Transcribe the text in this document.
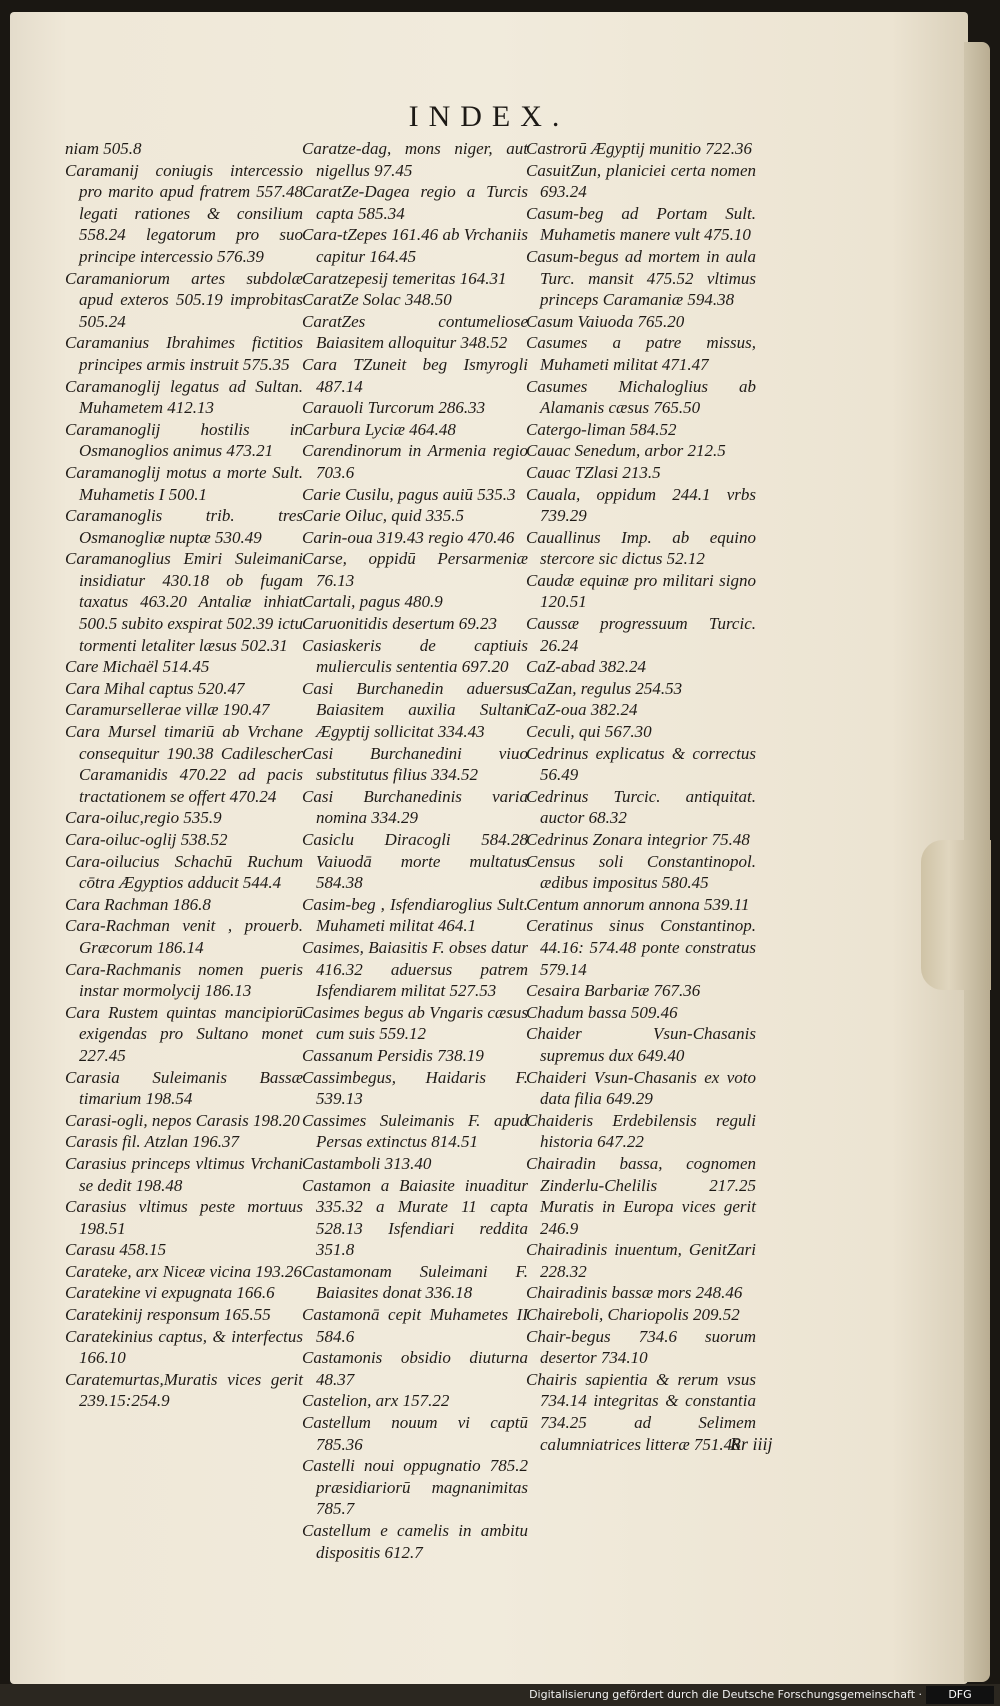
INDEX.

niam 505.8

Caramanij coniugis intercessio pro marito apud fratrem 557.48 legati rationes & consilium 558.24 legatorum pro suo principe intercessio 576.39

Caramaniorum artes subdolæ apud exteros 505.19 improbitas 505.24

Caramanius Ibrahimes fictitios principes armis instruit 575.35

Caramanoglij legatus ad Sultan. Muhametem 412.13

Caramanoglij hostilis in Osmanoglios animus 473.21

Caramanoglij motus a morte Sult. Muhametis I 500.1

Caramanoglis trib. tres Osmanogliæ nuptæ 530.49

Caramanoglius Emiri Suleimani insidiatur 430.18 ob fugam taxatus 463.20 Antaliæ inhiat 500.5 subito exspirat 502.39 ictu tormenti letaliter læsus 502.31

Care Michaël 514.45

Cara Mihal captus 520.47

Caramursellerae villæ 190.47

Cara Mursel timariū ab Vrchane consequitur 190.38 Cadilescher Caramanidis 470.22 ad pacis tractationem se offert 470.24

Cara-oiluc,regio 535.9

Cara-oiluc-oglij 538.52

Cara-oilucius Schachū Ruchum cōtra Ægyptios adducit 544.4

Cara Rachman 186.8

Cara-Rachman venit , prouerb. Græcorum 186.14

Cara-Rachmanis nomen pueris instar mormolycij 186.13

Cara Rustem quintas mancipiorū exigendas pro Sultano monet 227.45

Carasia Suleimanis Bassæ timarium 198.54

Carasi-ogli, nepos Carasis 198.20

Carasis fil. Atzlan 196.37

Carasius princeps vltimus Vrchani se dedit 198.48

Carasius vltimus peste mortuus 198.51

Carasu 458.15

Carateke, arx Niceæ vicina 193.26

Caratekine vi expugnata 166.6

Caratekinij responsum 165.55

Caratekinius captus, & interfectus 166.10

Caratemurtas,Muratis vices gerit 239.15:254.9

Caratze-dag, mons niger, aut nigellus 97.45

CaratZe-Dagea regio a Turcis capta 585.34

Cara-tZepes 161.46 ab Vrchaniis capitur 164.45

Caratzepesij temeritas 164.31

CaratZe Solac 348.50

CaratZes contumeliose Baiasitem alloquitur 348.52

Cara TZuneit beg Ismyrogli 487.14

Carauoli Turcorum 286.33

Carbura Lyciæ 464.48

Carendinorum in Armenia regio 703.6

Carie Cusilu, pagus auiū 535.3

Carie Oiluc, quid 335.5

Carin-oua 319.43 regio 470.46

Carse, oppidū Persarmeniæ 76.13

Cartali, pagus 480.9

Caruonitidis desertum 69.23

Casiaskeris de captiuis mulierculis sententia 697.20

Casi Burchanedin aduersus Baiasitem auxilia Sultani Ægyptij sollicitat 334.43

Casi Burchanedini viuo substitutus filius 334.52

Casi Burchanedinis varia nomina 334.29

Casiclu Diracogli 584.28 Vaiuodā morte multatus 584.38

Casim-beg , Isfendiaroglius Sult. Muhameti militat 464.1

Casimes, Baiasitis F. obses datur 416.32 aduersus patrem Isfendiarem militat 527.53

Casimes begus ab Vngaris cæsus cum suis 559.12

Cassanum Persidis 738.19

Cassimbegus, Haidaris F. 539.13

Cassimes Suleimanis F. apud Persas extinctus 814.51

Castamboli 313.40

Castamon a Baiasite inuaditur 335.32 a Murate 11 capta 528.13 Isfendiari reddita 351.8

Castamonam Suleimani F. Baiasites donat 336.18

Castamonā cepit Muhametes II 584.6

Castamonis obsidio diuturna 48.37

Castelion, arx 157.22

Castellum nouum vi captū 785.36

Castelli noui oppugnatio 785.2 præsidiariorū magnanimitas 785.7

Castellum e camelis in ambitu dispositis 612.7

Castrorū Ægyptij munitio 722.36

CasuitZun, planiciei certa nomen 693.24

Casum-beg ad Portam Sult. Muhametis manere vult 475.10

Casum-begus ad mortem in aula Turc. mansit 475.52 vltimus princeps Caramaniæ 594.38

Casum Vaiuoda 765.20

Casumes a patre missus, Muhameti militat 471.47

Casumes Michaloglius ab Alamanis cæsus 765.50

Catergo-liman 584.52

Cauac Senedum, arbor 212.5

Cauac TZlasi 213.5

Cauala, oppidum 244.1 vrbs 739.29

Cauallinus Imp. ab equino stercore sic dictus 52.12

Caudæ equinæ pro militari signo 120.51

Caussæ progressuum Turcic. 26.24

CaZ-abad 382.24

CaZan, regulus 254.53

CaZ-oua 382.24

Ceculi, qui 567.30

Cedrinus explicatus & correctus 56.49

Cedrinus Turcic. antiquitat. auctor 68.32

Cedrinus Zonara integrior 75.48

Census soli Constantinopol. ædibus impositus 580.45

Centum annorum annona 539.11

Ceratinus sinus Constantinop. 44.16: 574.48 ponte constratus 579.14

Cesaira Barbariæ 767.36

Chadum bassa 509.46

Chaider Vsun-Chasanis supremus dux 649.40

Chaideri Vsun-Chasanis ex voto data filia 649.29

Chaideris Erdebilensis reguli historia 647.22

Chairadin bassa, cognomen Zinderlu-Chelilis 217.25 Muratis in Europa vices gerit 246.9

Chairadinis inuentum, GenitZari 228.32

Chairadinis bassæ mors 248.46

Chaireboli, Chariopolis 209.52

Chair-begus 734.6 suorum desertor 734.10

Chairis sapientia & rerum vsus 734.14 integritas & constantia 734.25 ad Selimem calumniatrices litteræ 751.48

Rr iiij
Digitalisierung gefördert durch die Deutsche Forschungsgemeinschaft ·	DFG
